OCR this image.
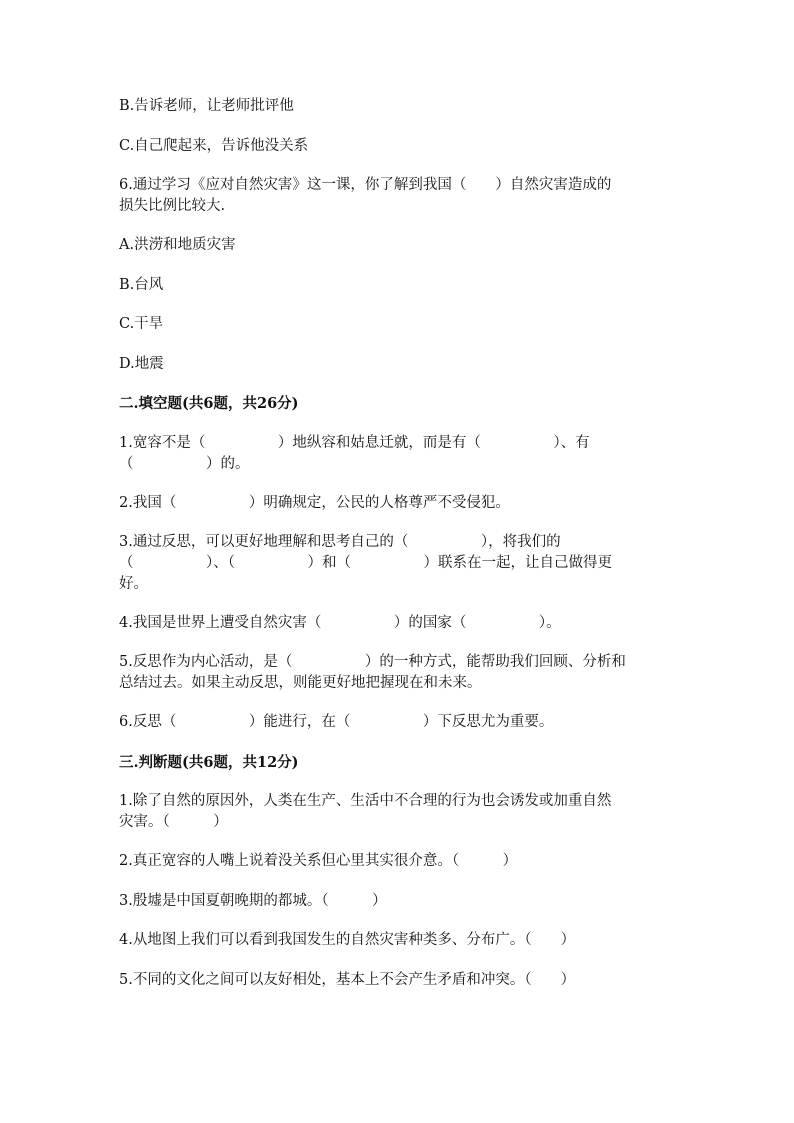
B.告诉老师，让老师批评他
C.自己爬起来，告诉他没关系
6.通过学习《应对自然灾害》这一课，你了解到我国（　　）自然灾害造成的
损失比例比较大.
A.洪涝和地质灾害
B.台风
C.干旱
D.地震
二.填空题(共6题，共26分)
1.宽容不是（　　　　　）地纵容和姑息迁就，而是有（　　　　　）、有
（　　　　　）的。
2.我国（　　　　　）明确规定，公民的人格尊严不受侵犯。
3.通过反思，可以更好地理解和思考自己的（　　　　　），将我们的
（　　　　　）、（　　　　　）和（　　　　　）联系在一起，让自己做得更
好。
4.我国是世界上遭受自然灾害（　　　　　）的国家（　　　　　）。
5.反思作为内心活动，是（　　　　　）的一种方式，能帮助我们回顾、分析和
总结过去。如果主动反思，则能更好地把握现在和未来。
6.反思（　　　　　）能进行，在（　　　　　）下反思尤为重要。
三.判断题(共6题，共12分)
1.除了自然的原因外，人类在生产、生活中不合理的行为也会诱发或加重自然
灾害。（　　　）
2.真正宽容的人嘴上说着没关系但心里其实很介意。（　　　）
3.殷墟是中国夏朝晚期的都城。（　　　）
4.从地图上我们可以看到我国发生的自然灾害种类多、分布广。（　　）
5.不同的文化之间可以友好相处，基本上不会产生矛盾和冲突。（　　）
